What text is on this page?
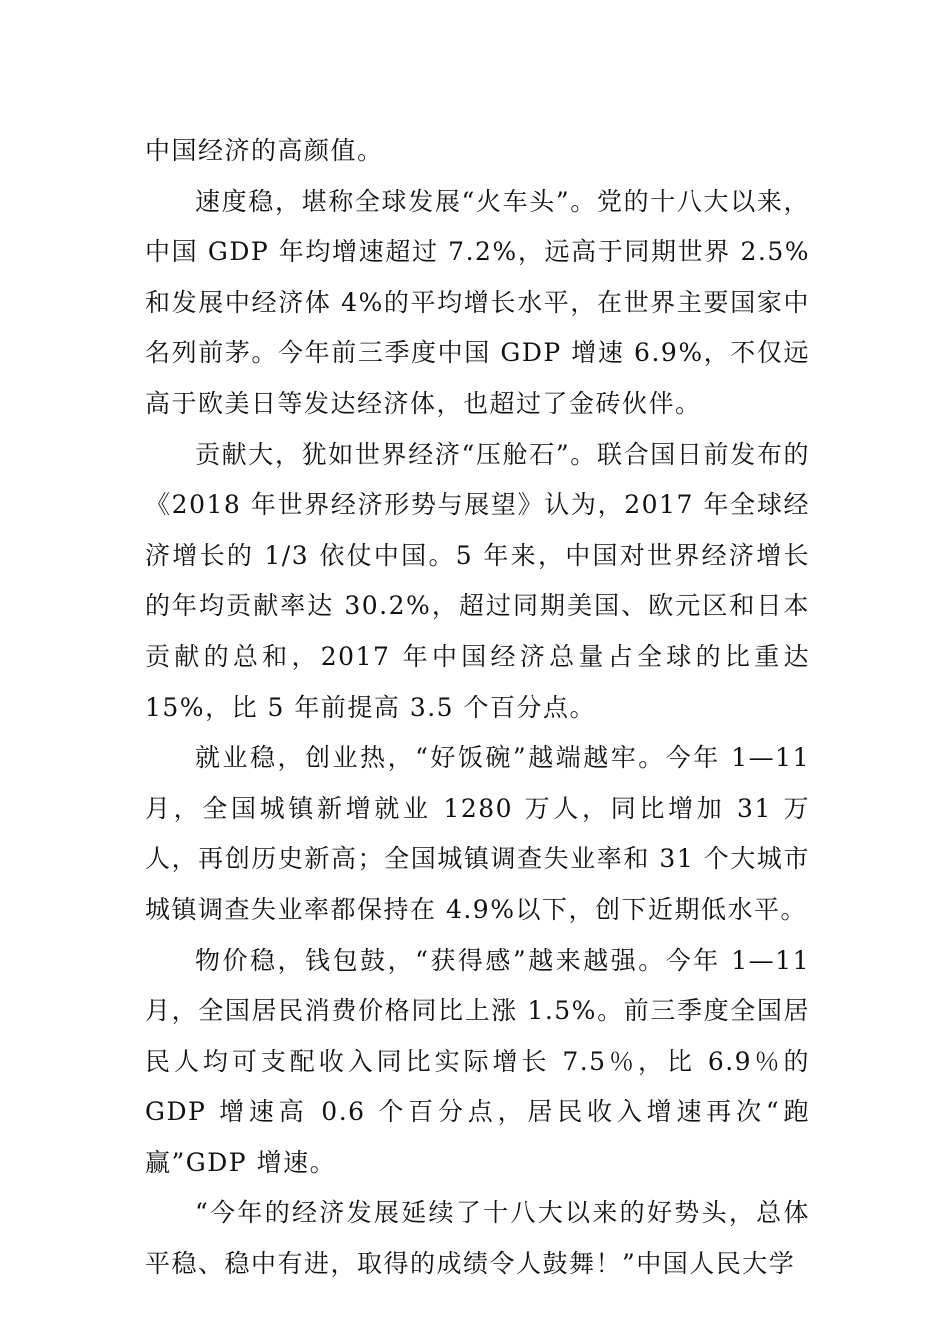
中国经济的高颜值。

速度稳，堪称全球发展“火车头”。党的十八大以来，中国 GDP 年均增速超过 7.2%，远高于同期世界 2.5%和发展中经济体 4%的平均增长水平，在世界主要国家中名列前茅。今年前三季度中国 GDP 增速 6.9%，不仅远高于欧美日等发达经济体，也超过了金砖伙伴。

贡献大，犹如世界经济“压舱石”。联合国日前发布的《2018 年世界经济形势与展望》认为，2017 年全球经济增长的 1/3 依仗中国。5 年来，中国对世界经济增长的年均贡献率达 30.2%，超过同期美国、欧元区和日本贡献的总和，2017 年中国经济总量占全球的比重达 15%，比 5 年前提高 3.5 个百分点。

就业稳，创业热，“好饭碗”越端越牢。今年 1—11 月，全国城镇新增就业 1280 万人，同比增加 31 万人，再创历史新高；全国城镇调查失业率和 31 个大城市城镇调查失业率都保持在 4.9%以下，创下近期低水平。

物价稳，钱包鼓，“获得感”越来越强。今年 1—11 月，全国居民消费价格同比上涨 1.5%。前三季度全国居民人均可支配收入同比实际增长 7.5％，比 6.9％的 GDP 增速高 0.6 个百分点，居民收入增速再次“跑赢”GDP 增速。

“今年的经济发展延续了十八大以来的好势头，总体平稳、稳中有进，取得的成绩令人鼓舞！”中国人民大学
